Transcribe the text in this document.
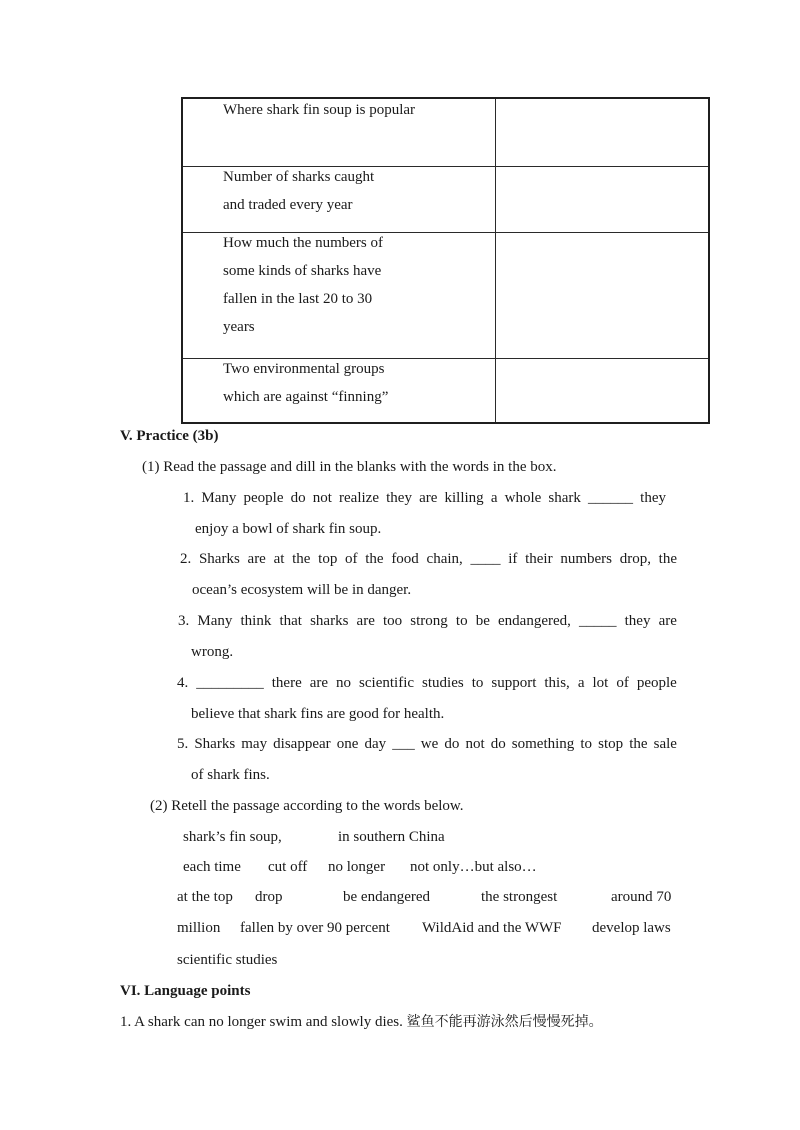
Where shark fin soup is popular
Number of sharks caught
and traded every year
How much the numbers of
some kinds of sharks have
fallen in the last 20 to 30
years
Two environmental groups
which are against “finning”
V. Practice (3b)
(1) Read the passage and dill in the blanks with the words in the box.
1. Many people do not realize they are killing a whole shark ______ they
enjoy a bowl of shark fin soup.
2. Sharks are at the top of the food chain, ____ if their numbers drop, the
ocean’s ecosystem will be in danger.
3. Many think that sharks are too strong to be endangered, _____ they are
wrong.
4. _________ there are no scientific studies to support this, a lot of people
believe that shark fins are good for health.
5. Sharks may disappear one day ___ we do not do something to stop the sale
of shark fins.
(2) Retell the passage according to the words below.
shark’s fin soup,	in southern China
each time cut off no longer not only…but also…
at the top drop	be endangered	the strongest	around 70
million fallen by over 90 percent WildAid and the WWF develop laws
scientific studies
VI. Language points
1. A shark can no longer swim and slowly dies. 鲨鱼不能再游泳然后慢慢死掉。
